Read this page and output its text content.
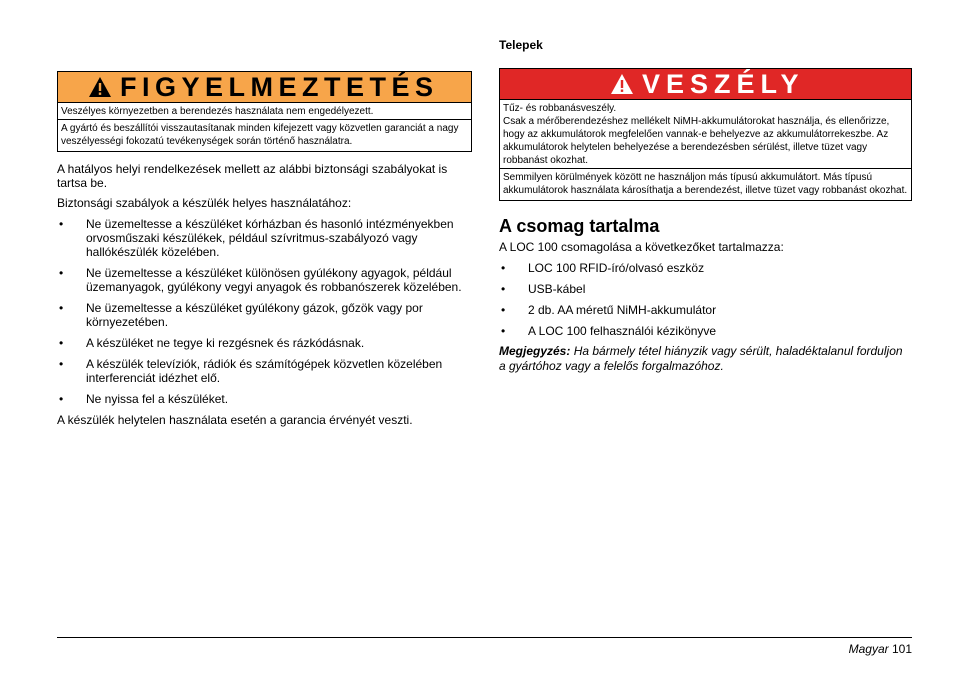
FIGYELMEZTETÉS

Veszélyes környezetben a berendezés használata nem engedélyezett.

A gyártó és beszállítói visszautasítanak minden kifejezett vagy közvetlen garanciát a nagy veszélyességi fokozatú tevékenységek során történő használatra.

A hatályos helyi rendelkezések mellett az alábbi biztonsági szabályokat is tartsa be.

Biztonsági szabályok a készülék helyes használatához:

• Ne üzemeltesse a készüléket kórházban és hasonló intézményekben orvosműszaki készülékek, például szívritmus-szabályozó vagy hallókészülék közelében.
• Ne üzemeltesse a készüléket különösen gyúlékony agyagok, például üzemanyagok, gyúlékony vegyi anyagok és robbanószerek közelében.
• Ne üzemeltesse a készüléket gyúlékony gázok, gőzök vagy por környezetében.
• A készüléket ne tegye ki rezgésnek és rázkódásnak.
• A készülék televíziók, rádiók és számítógépek közvetlen közelében interferenciát idézhet elő.
• Ne nyissa fel a készüléket.

A készülék helytelen használata esetén a garancia érvényét veszti.

Telepek

VESZÉLY

Tűz- és robbanásveszély.

Csak a mérőberendezéshez mellékelt NiMH-akkumulátorokat használja, és ellenőrizze, hogy az akkumulátorok megfelelően vannak-e behelyezve az akkumulátorrekeszbe. Az akkumulátorok helytelen behelyezése a berendezésben sérülést, illetve tüzet vagy robbanást okozhat.

Semmilyen körülmények között ne használjon más típusú akkumulátort. Más típusú akkumulátorok használata károsíthatja a berendezést, illetve tüzet vagy robbanást okozhat.

A csomag tartalma

A LOC 100 csomagolása a következőket tartalmazza:

• LOC 100 RFID-író/olvasó eszköz
• USB-kábel
• 2 db. AA méretű NiMH-akkumulátor
• A LOC 100 felhasználói kézikönyve

Megjegyzés: Ha bármely tétel hiányzik vagy sérült, haladéktalanul forduljon a gyártóhoz vagy a felelős forgalmazóhoz.

Magyar 101
